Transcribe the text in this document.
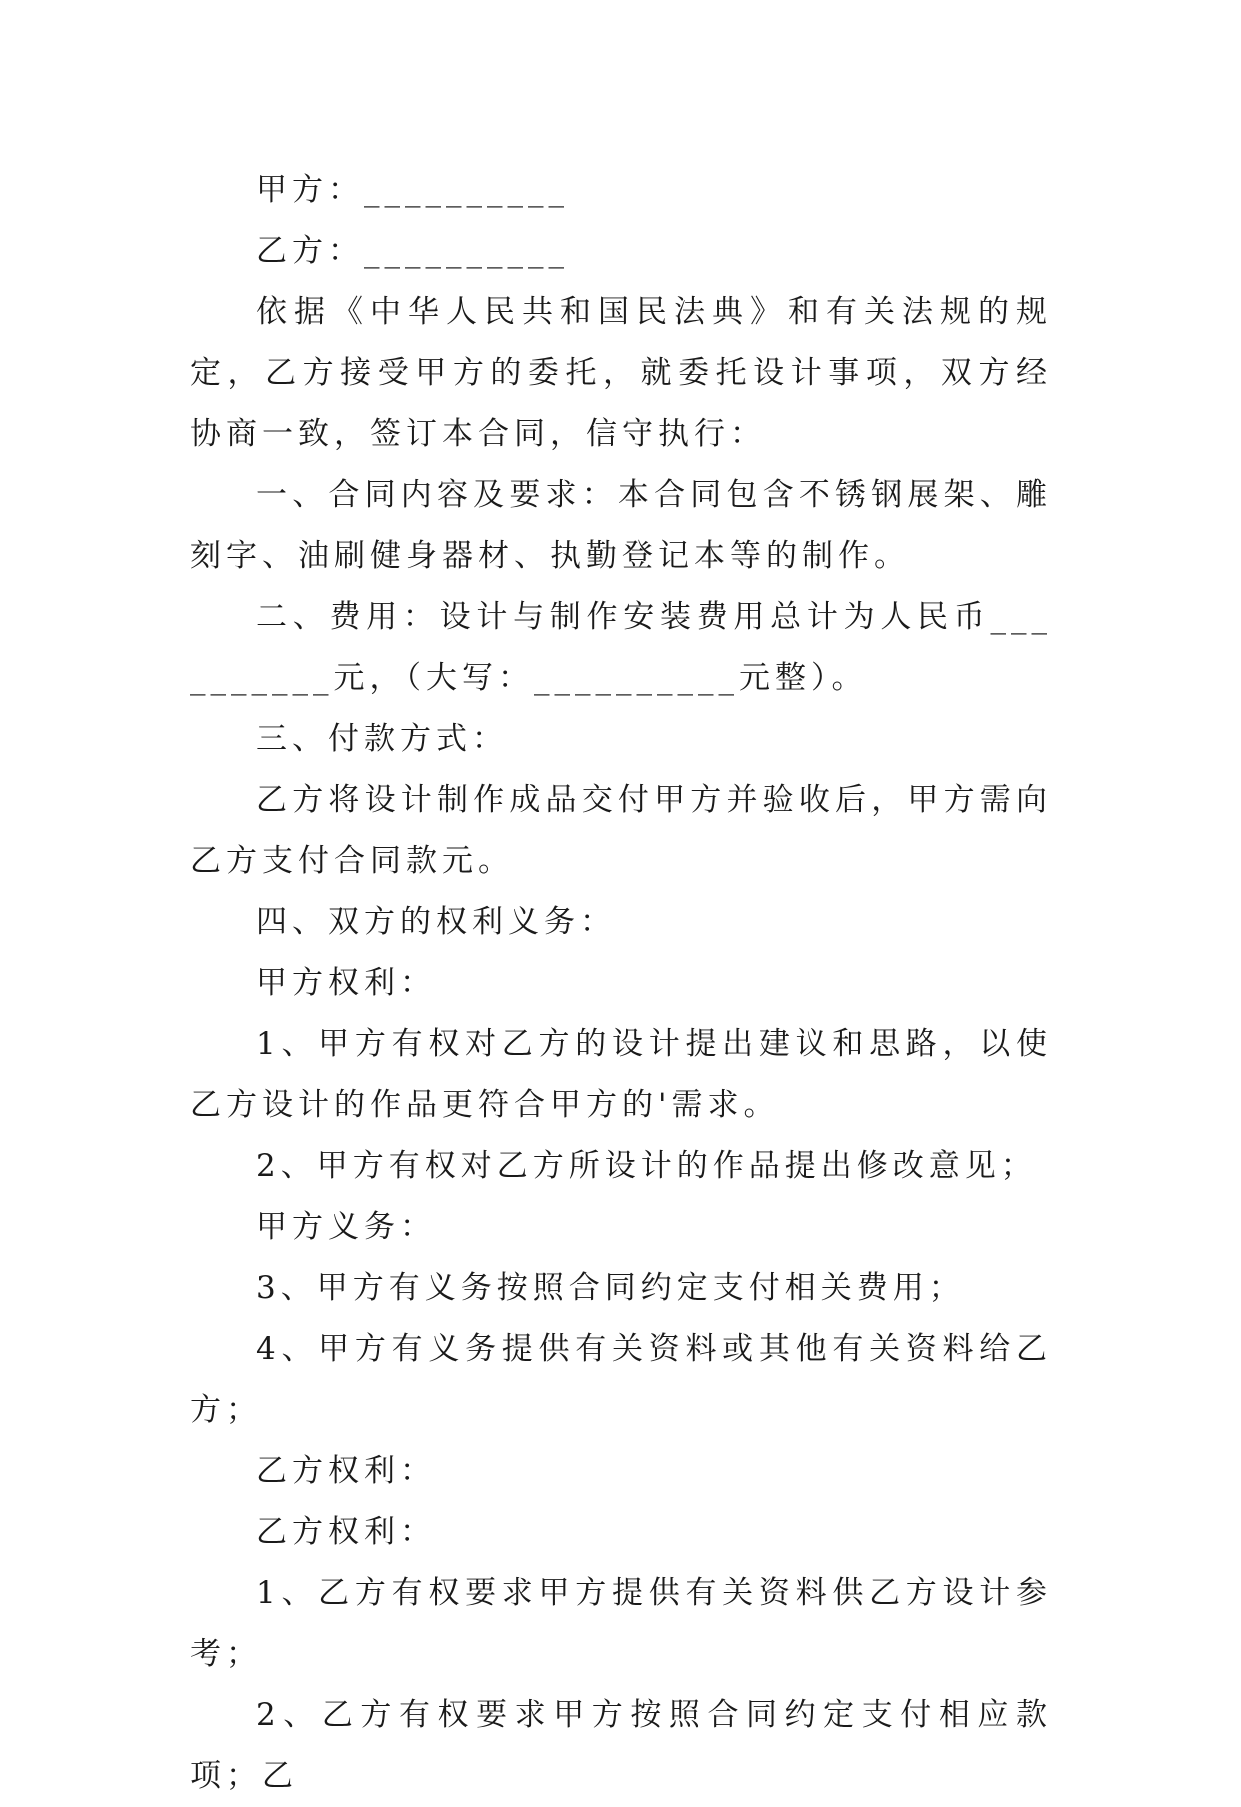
甲方：__________

乙方：__________

依据《中华人民共和国民法典》和有关法规的规定，乙方接受甲方的委托，就委托设计事项，双方经协商一致，签订本合同，信守执行：

一、合同内容及要求：本合同包含不锈钢展架、雕刻字、油刷健身器材、执勤登记本等的制作。

二、费用：设计与制作安装费用总计为人民币__________元，（大写：__________元整）。

三、付款方式：

乙方将设计制作成品交付甲方并验收后，甲方需向乙方支付合同款元。

四、双方的权利义务：

甲方权利：

1、甲方有权对乙方的设计提出建议和思路，以使乙方设计的作品更符合甲方的'需求。

2、甲方有权对乙方所设计的作品提出修改意见；

甲方义务：

3、甲方有义务按照合同约定支付相关费用；

4、甲方有义务提供有关资料或其他有关资料给乙方；

乙方权利：

乙方权利：

1、乙方有权要求甲方提供有关资料供乙方设计参考；

2、乙方有权要求甲方按照合同约定支付相应款项；乙
